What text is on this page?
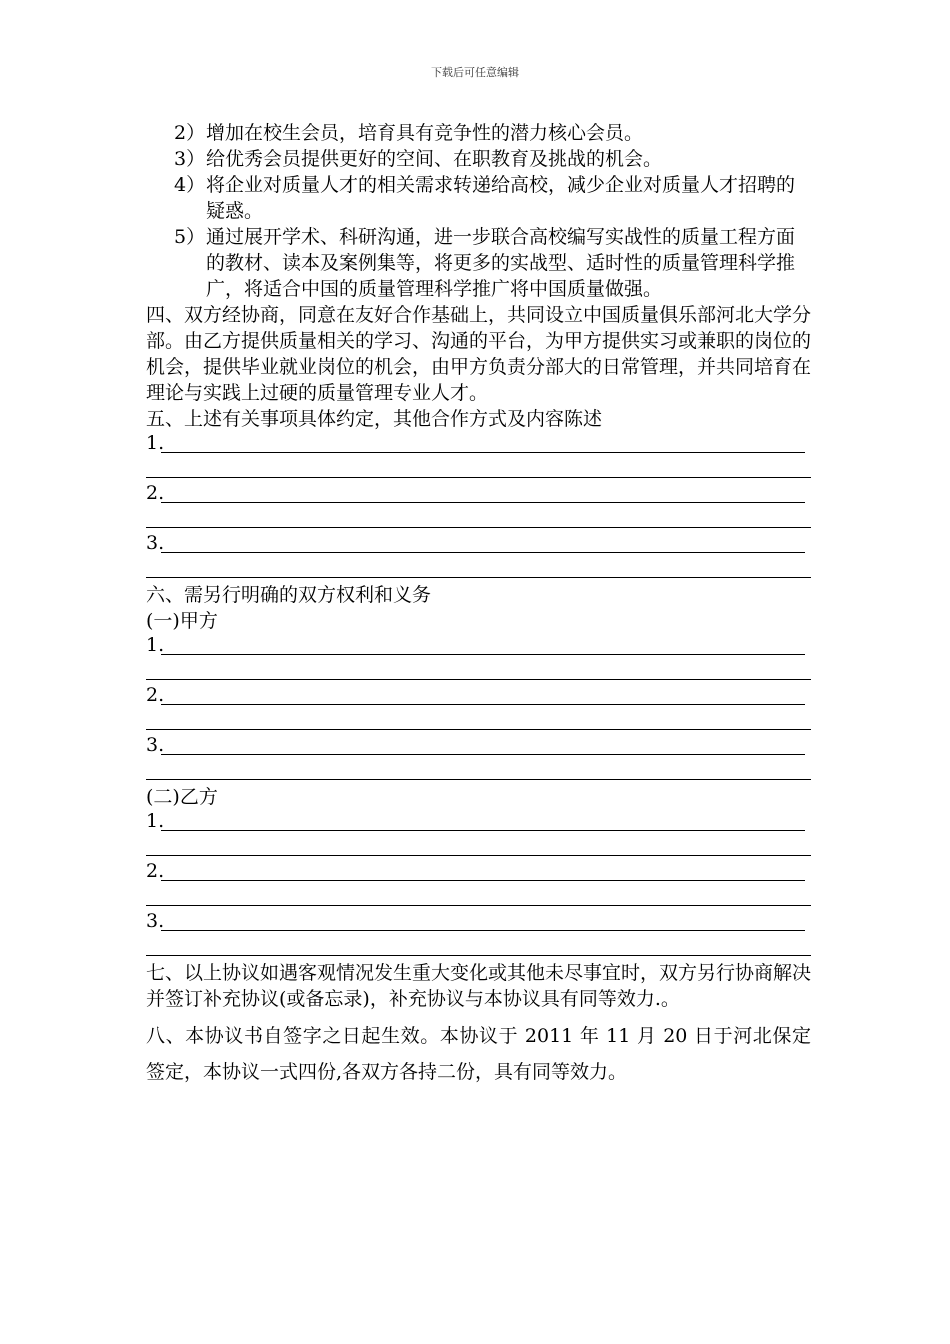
下载后可任意编辑
2） 增加在校生会员，培育具有竞争性的潜力核心会员。
3） 给优秀会员提供更好的空间、在职教育及挑战的机会。
4） 将企业对质量人才的相关需求转递给高校，减少企业对质量人才招聘的疑惑。
5） 通过展开学术、科研沟通，进一步联合高校编写实战性的质量工程方面的教材、读本及案例集等，将更多的实战型、适时性的质量管理科学推广，将适合中国的质量管理科学推广将中国质量做强。
四、双方经协商，同意在友好合作基础上，共同设立中国质量俱乐部河北大学分部。由乙方提供质量相关的学习、沟通的平台，为甲方提供实习或兼职的岗位的机会，提供毕业就业岗位的机会，由甲方负责分部大的日常管理，并共同培育在理论与实践上过硬的质量管理专业人才。
五、上述有关事项具体约定，其他合作方式及内容陈述
1.
2.
3.
六、需另行明确的双方权利和义务
(一)甲方
1.
2.
3.
(二)乙方
1.
2.
3.
七、以上协议如遇客观情况发生重大变化或其他未尽事宜时，双方另行协商解决并签订补充协议(或备忘录)，补充协议与本协议具有同等效力.。
八、本协议书自签字之日起生效。本协议于 2011 年 11 月 20 日于河北保定签定，本协议一式四份,各双方各持二份，具有同等效力。
